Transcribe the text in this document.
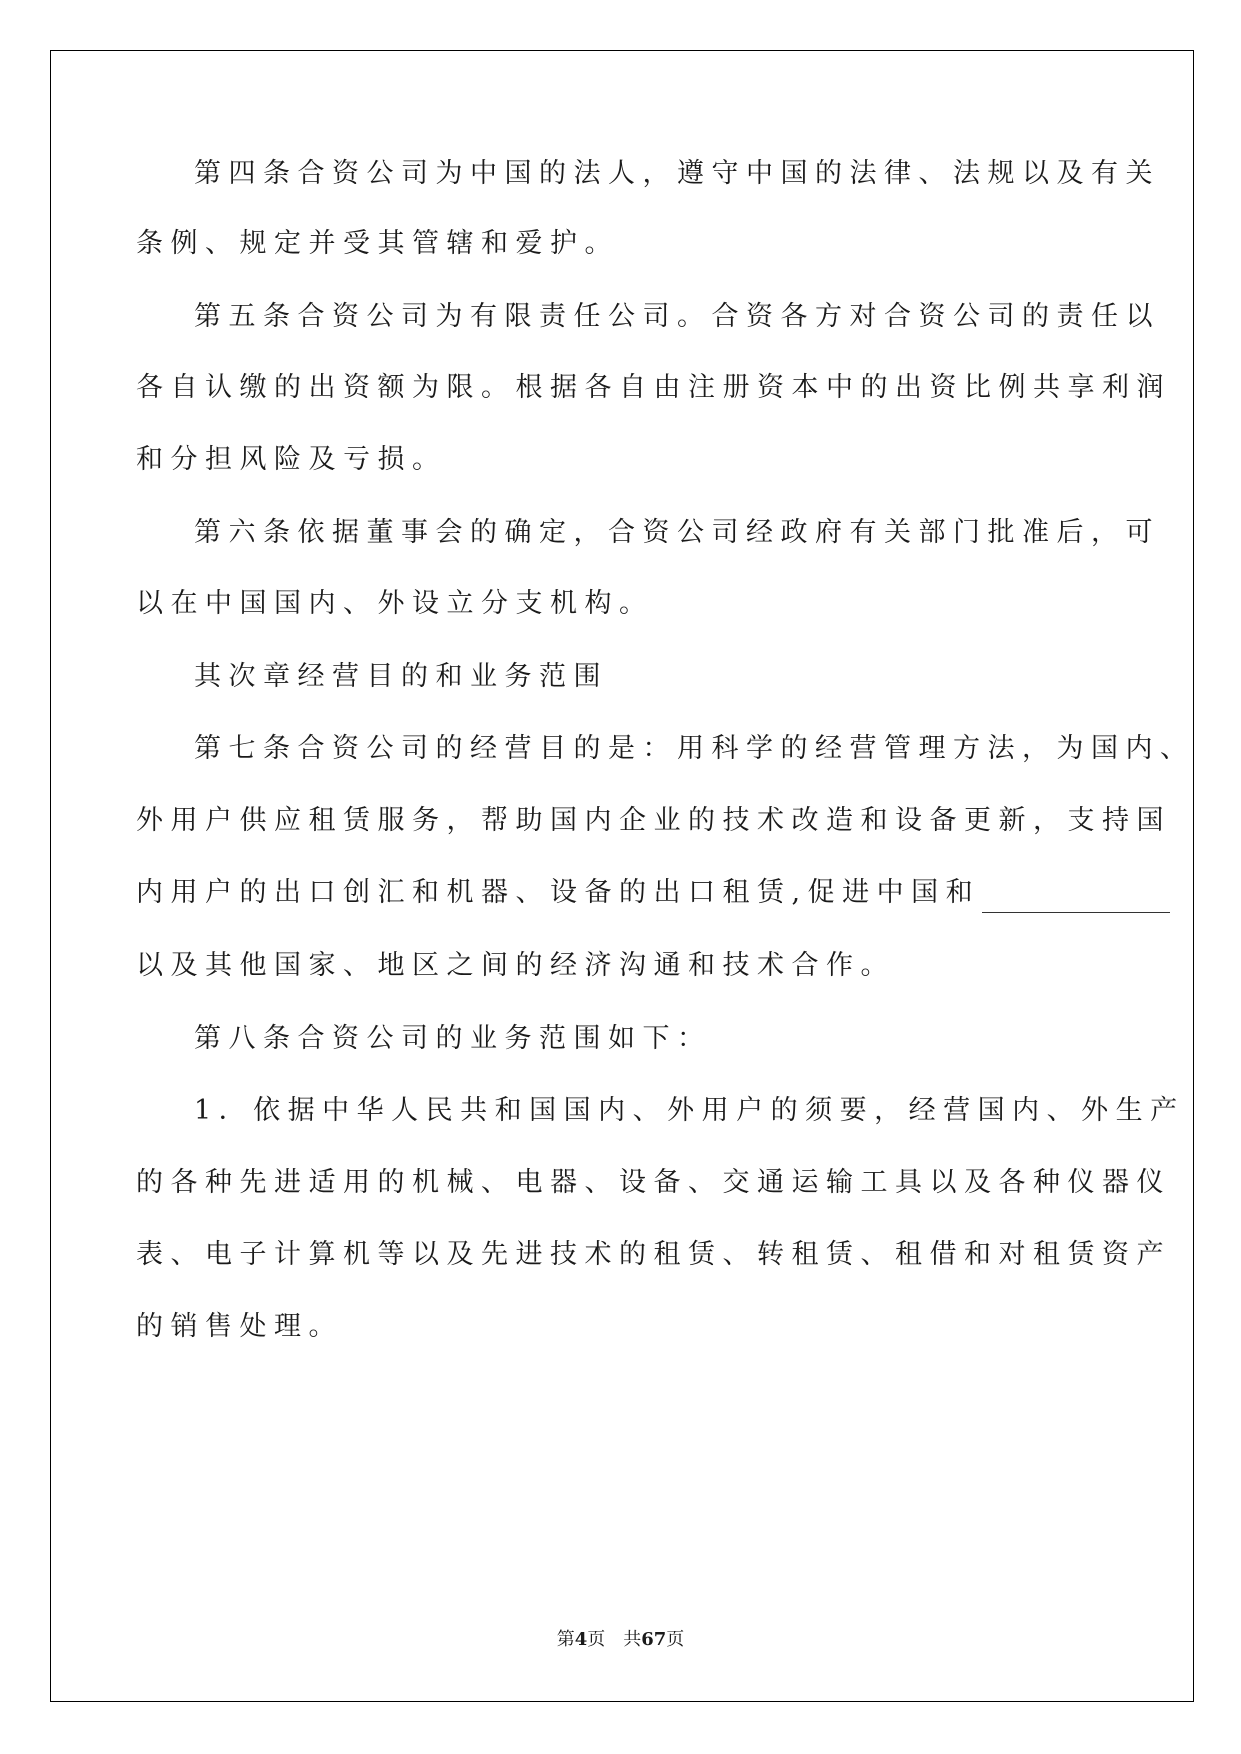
第四条合资公司为中国的法人，遵守中国的法律、法规以及有关
条例、规定并受其管辖和爱护。
第五条合资公司为有限责任公司。合资各方对合资公司的责任以
各自认缴的出资额为限。根据各自由注册资本中的出资比例共享利润
和分担风险及亏损。
第六条依据董事会的确定，合资公司经政府有关部门批准后，可
以在中国国内、外设立分支机构。
其次章经营目的和业务范围
第七条合资公司的经营目的是：用科学的经营管理方法，为国内、
外用户供应租赁服务，帮助国内企业的技术改造和设备更新，支持国
内用户的出口创汇和机器、设备的出口租赁,促进中国和
以及其他国家、地区之间的经济沟通和技术合作。
第八条合资公司的业务范围如下：
1．依据中华人民共和国国内、外用户的须要，经营国内、外生产
的各种先进适用的机械、电器、设备、交通运输工具以及各种仪器仪
表、电子计算机等以及先进技术的租赁、转租赁、租借和对租赁资产
的销售处理。
第4页　共67页
